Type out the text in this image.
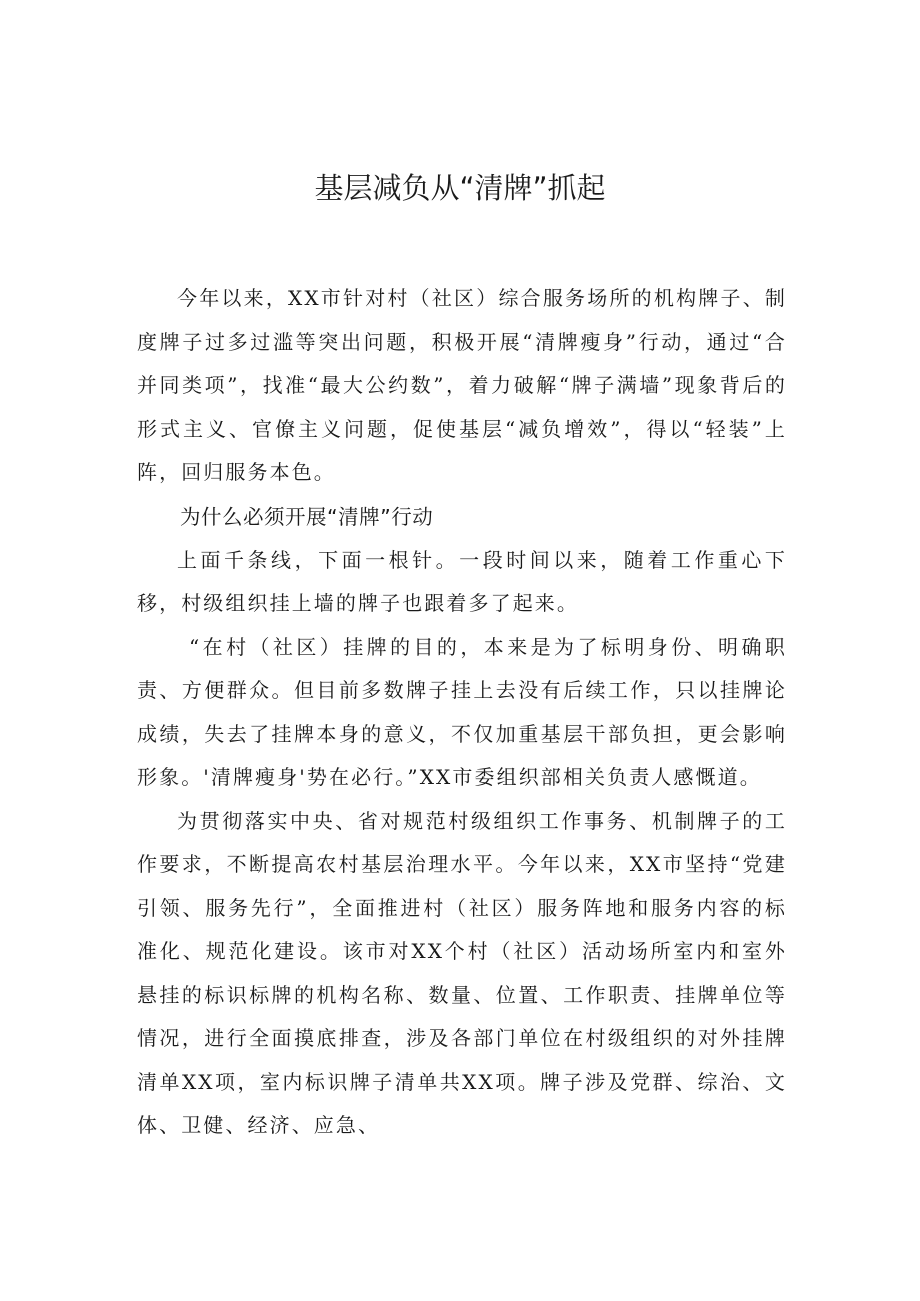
基层减负从“清牌”抓起

今年以来，XX市针对村（社区）综合服务场所的机构牌子、制度牌子过多过滥等突出问题，积极开展“清牌瘦身”行动，通过“合并同类项”，找准“最大公约数”，着力破解“牌子满墙”现象背后的形式主义、官僚主义问题，促使基层“减负增效”，得以“轻装”上阵，回归服务本色。

为什么必须开展“清牌”行动

上面千条线，下面一根针。一段时间以来，随着工作重心下移，村级组织挂上墙的牌子也跟着多了起来。

“在村（社区）挂牌的目的，本来是为了标明身份、明确职责、方便群众。但目前多数牌子挂上去没有后续工作，只以挂牌论成绩，失去了挂牌本身的意义，不仅加重基层干部负担，更会影响形象。'清牌瘦身'势在必行。”XX市委组织部相关负责人感慨道。

为贯彻落实中央、省对规范村级组织工作事务、机制牌子的工作要求，不断提高农村基层治理水平。今年以来，XX市坚持“党建引领、服务先行”，全面推进村（社区）服务阵地和服务内容的标准化、规范化建设。该市对XX个村（社区）活动场所室内和室外悬挂的标识标牌的机构名称、数量、位置、工作职责、挂牌单位等情况，进行全面摸底排查，涉及各部门单位在村级组织的对外挂牌清单XX项，室内标识牌子清单共XX项。牌子涉及党群、综治、文体、卫健、经济、应急、
